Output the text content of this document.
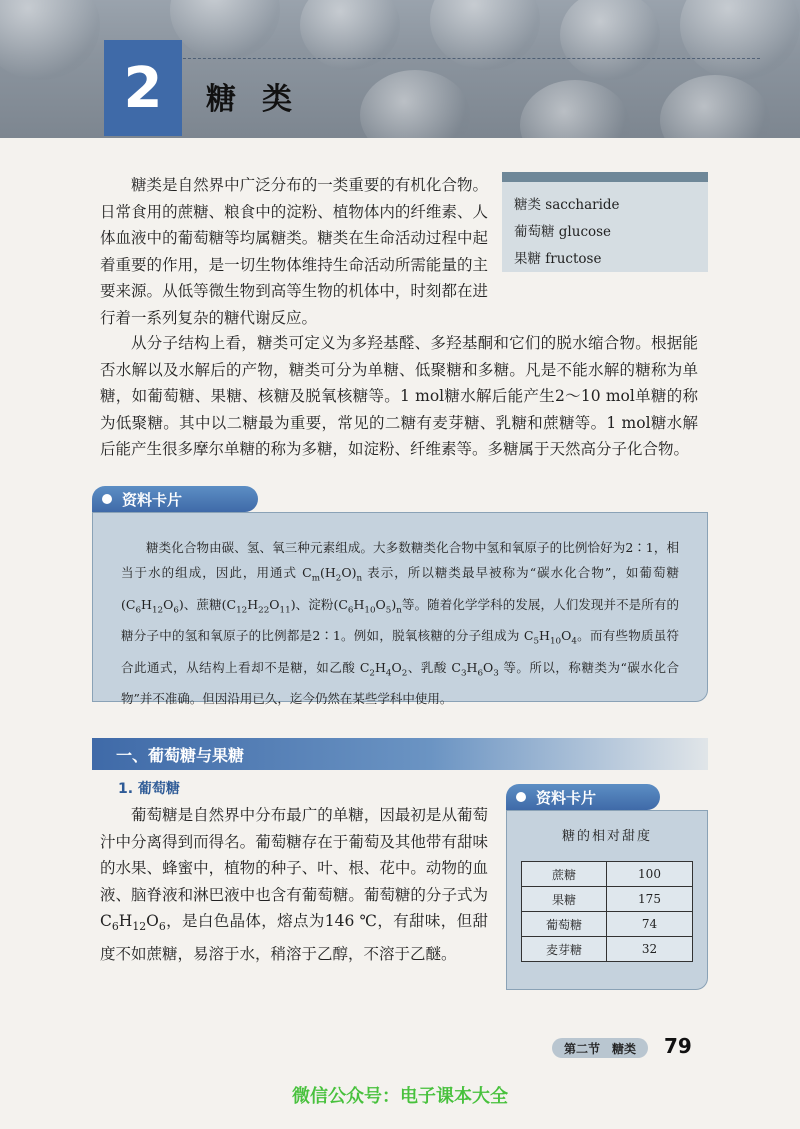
2	糖类
糖类是自然界中广泛分布的一类重要的有机化合物。日常食用的蔗糖、粮食中的淀粉、植物体内的纤维素、人体血液中的葡萄糖等均属糖类。糖类在生命活动过程中起着重要的作用，是一切生物体维持生命活动所需能量的主要来源。从低等微生物到高等生物的机体中，时刻都在进行着一系列复杂的糖代谢反应。
糖类 saccharide
葡萄糖 glucose
果糖 fructose
从分子结构上看，糖类可定义为多羟基醛、多羟基酮和它们的脱水缩合物。根据能否水解以及水解后的产物，糖类可分为单糖、低聚糖和多糖。凡是不能水解的糖称为单糖，如葡萄糖、果糖、核糖及脱氧核糖等。1 mol糖水解后能产生2～10 mol单糖的称为低聚糖。其中以二糖最为重要，常见的二糖有麦芽糖、乳糖和蔗糖等。1 mol糖水解后能产生很多摩尔单糖的称为多糖，如淀粉、纤维素等。多糖属于天然高分子化合物。
资料卡片

糖类化合物由碳、氢、氧三种元素组成。大多数糖类化合物中氢和氧原子的比例恰好为2∶1，相当于水的组成，因此，用通式 $C_m(H_2O)_n$ 表示，所以糖类最早被称为“碳水化合物”，如葡萄糖$(C_6H_{12}O_6)$、蔗糖$(C_{12}H_{22}O_{11})$、淀粉$(C_6H_{10}O_5)_n$等。随着化学学科的发展，人们发现并不是所有的糖分子中的氢和氧原子的比例都是2∶1。例如，脱氧核糖的分子组成为 $C_5H_{10}O_4$。而有些物质虽符合此通式，从结构上看却不是糖，如乙酸 $C_2H_4O_2$、乳酸 $C_3H_6O_3$ 等。所以，称糖类为“碳水化合物”并不准确。但因沿用已久，迄今仍然在某些学科中使用。

一、葡萄糖与果糖
1. 葡萄糖
葡萄糖是自然界中分布最广的单糖，因最初是从葡萄汁中分离得到而得名。葡萄糖存在于葡萄及其他带有甜味的水果、蜂蜜中，植物的种子、叶、根、花中。动物的血液、脑脊液和淋巴液中也含有葡萄糖。葡萄糖的分子式为 $C_6H_{12}O_6$，是白色晶体，熔点为146 ℃，有甜味，但甜度不如蔗糖，易溶于水，稍溶于乙醇，不溶于乙醚。
资料卡片
糖的相对甜度
蔗糖	100
果糖	175
葡萄糖	74
麦芽糖	32
第二节　糖类	79
微信公众号：电子课本大全
